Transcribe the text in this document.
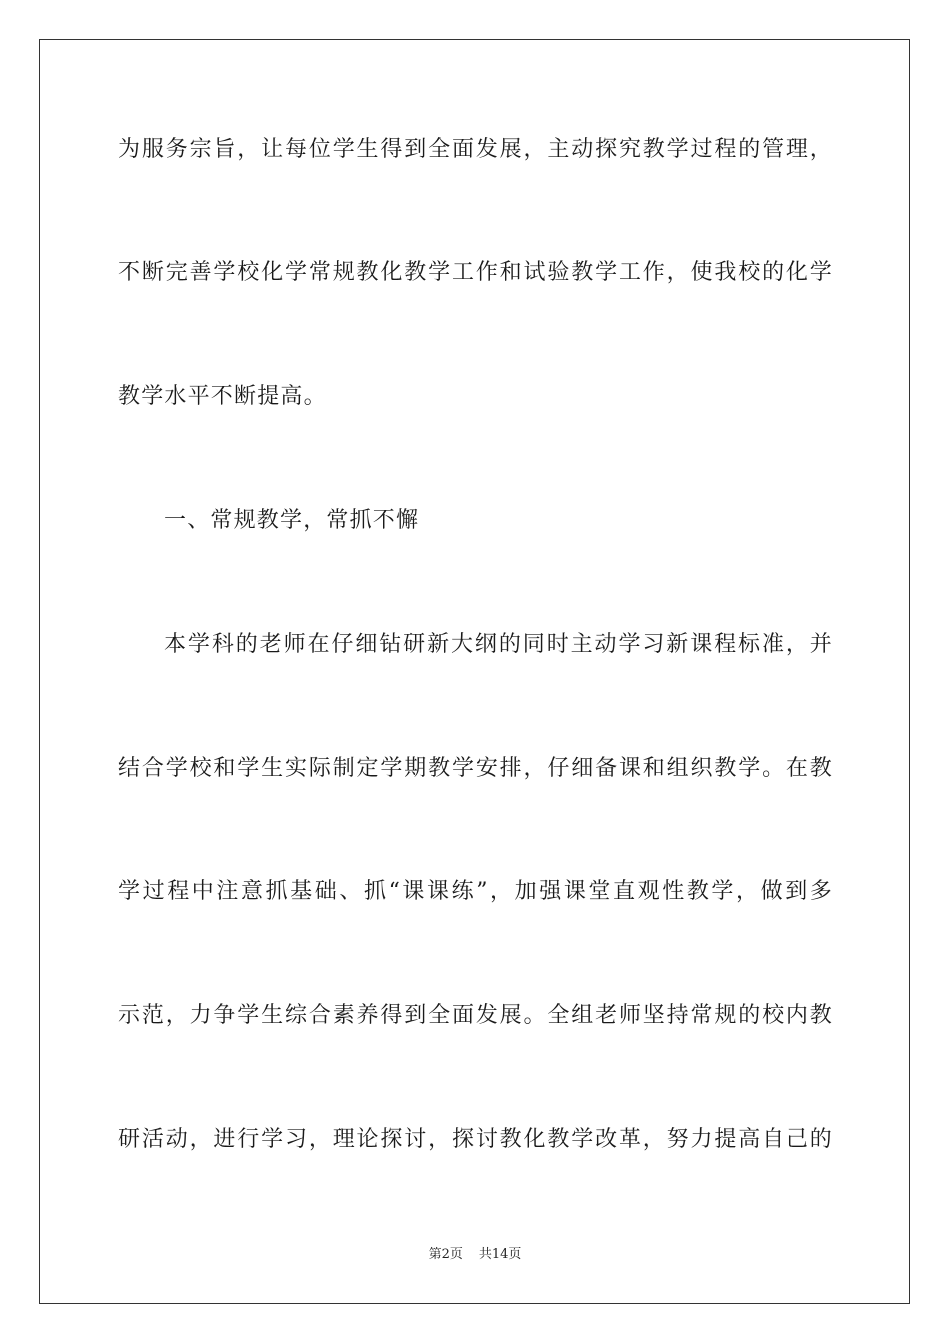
为服务宗旨，让每位学生得到全面发展，主动探究教学过程的管理，
不断完善学校化学常规教化教学工作和试验教学工作，使我校的化学
教学水平不断提高。
一、常规教学，常抓不懈
本学科的老师在仔细钻研新大纲的同时主动学习新课程标准，并
结合学校和学生实际制定学期教学安排，仔细备课和组织教学。在教
学过程中注意抓基础、抓“课课练”，加强课堂直观性教学，做到多
示范，力争学生综合素养得到全面发展。全组老师坚持常规的校内教
研活动，进行学习，理论探讨，探讨教化教学改革，努力提高自己的
第2页 共14页
